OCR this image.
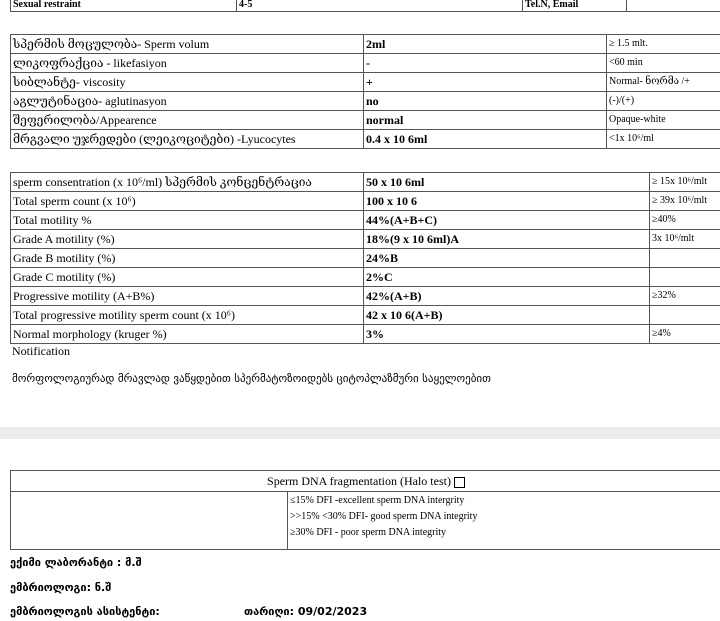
Sexual restraint	4-5	Tel.N, Email	
სპერმის მოცულობა- Sperm volum	2ml	≥ 1.5 mlt.
ლიკოფრაქცია - likefasiyon	-	<60 min
სიბლანტე- viscosity	+	Normal- ნორმა /+
აგლუტინაცია- aglutinasyon	no	(-)/(+)
შეფერილობა/Appearence	normal	Opaque-white
მრგვალი უჯრედები (ლეიკოციტები) -Lyucocytes	0.4 x 10 6ml	<1x 10⁶/ml
sperm consentration (x 10⁶/ml) სპერმის კონცენტრაცია	50 x 10 6ml	≥ 15x 10⁶/mlt
Total sperm count (x 10⁶)	100 x 10 6	≥ 39x 10⁶/mlt
Total motility %	44%(A+B+C)	≥40%
Grade A motility (%)	18%(9 x 10 6ml)A	3x 10⁶/mlt
Grade B motility (%)	24%B	
Grade C motility (%)	2%C	
Progressive motility (A+B%)	42%(A+B)	≥32%
Total progressive motility sperm count (x 10⁶)	42 x 10 6(A+B)	
Normal morphology (kruger %)	3%	≥4%
Notification
მორფოლოგიურად მრავლად ვაწყდებით სპერმატოზოიდებს ციტოპლაზმური საყელოებით
Sperm DNA fragmentation (Halo test)
≤15% DFI -excellent sperm DNA intergrity
>>15% <30% DFI- good sperm DNA integrity
≥30% DFI - poor sperm DNA integrity
ექიმი ლაბორანტი : მ.შ
ემბრიოლოგი: ნ.შ
ემბრიოლოგის ასისტენტი:	თარიღი: 09/02/2023
